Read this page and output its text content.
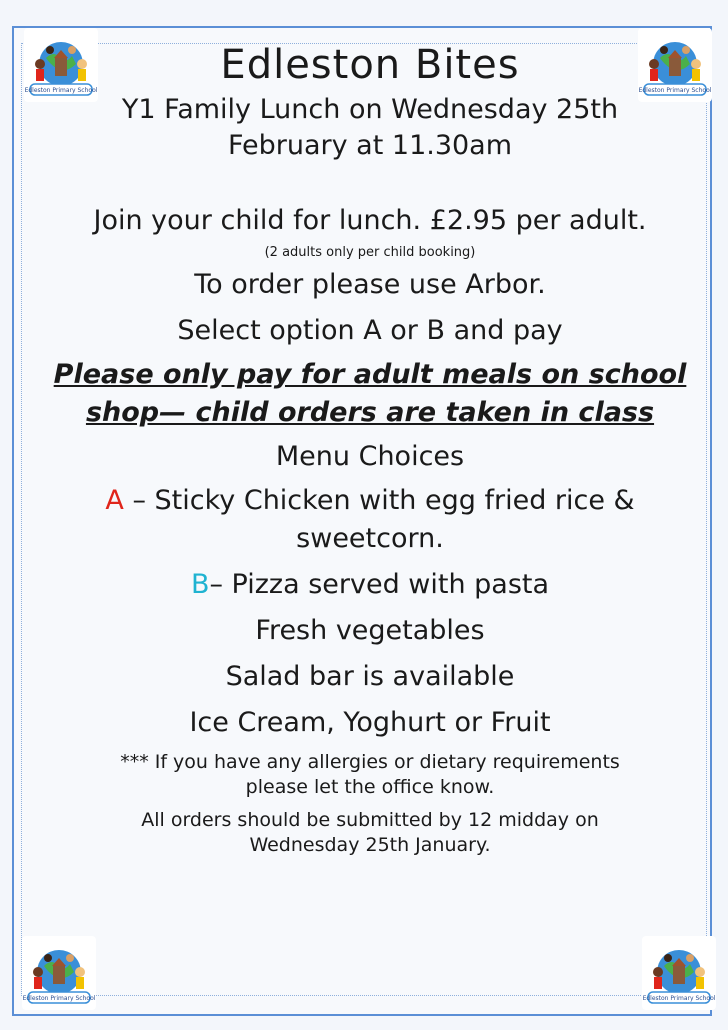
Edleston Primary School	Edleston Primary School
Edleston Primary School	Edleston Primary School
Edleston Bites
Y1 Family Lunch on Wednesday 25th February at 11.30am
Join your child for lunch. £2.95 per adult.
(2 adults only per child booking)
To order please use Arbor.
Select option A or B and pay
Please only pay for adult meals on school shop— child orders are taken in class
Menu Choices
A – Sticky Chicken with egg fried rice & sweetcorn.
B– Pizza served with pasta
Fresh vegetables
Salad bar is available
Ice Cream, Yoghurt or Fruit
*** If you have any allergies or dietary requirements please let the office know.
All orders should be submitted by 12 midday on Wednesday 25th January.
